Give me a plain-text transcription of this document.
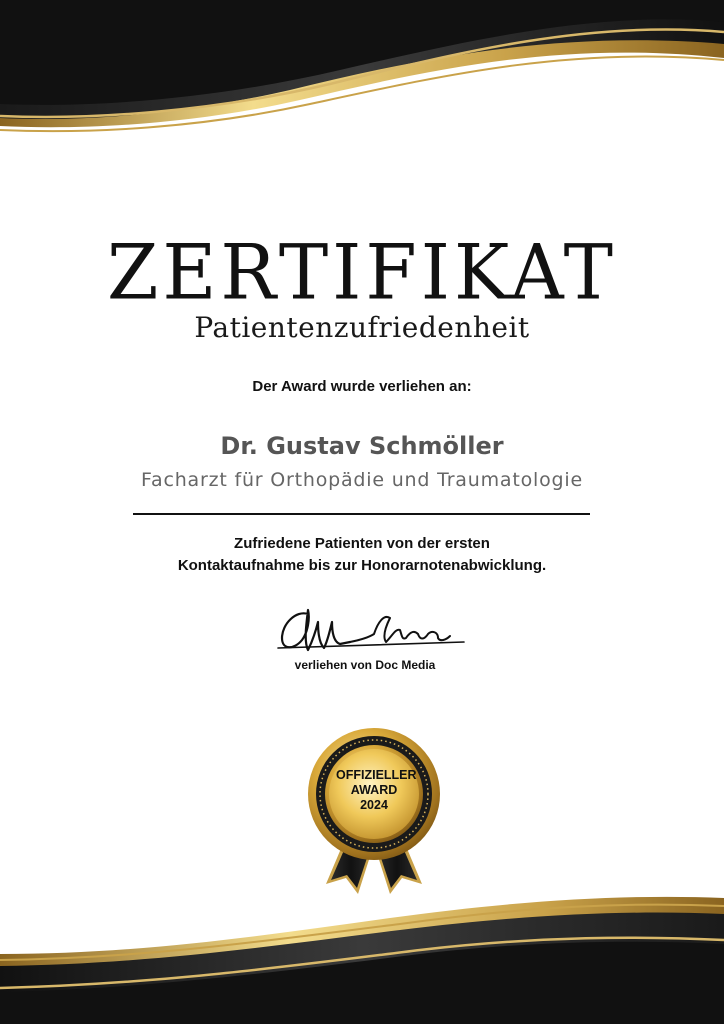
ZERTIFIKAT
Patientenzufriedenheit
Der Award wurde verliehen an:
Dr. Gustav Schmöller
Facharzt für Orthopädie und Traumatologie
Zufriedene Patienten von der ersten
Kontaktaufnahme bis zur Honorarnotenabwicklung.
verliehen von Doc Media
OFFIZIELLER
AWARD
2024
